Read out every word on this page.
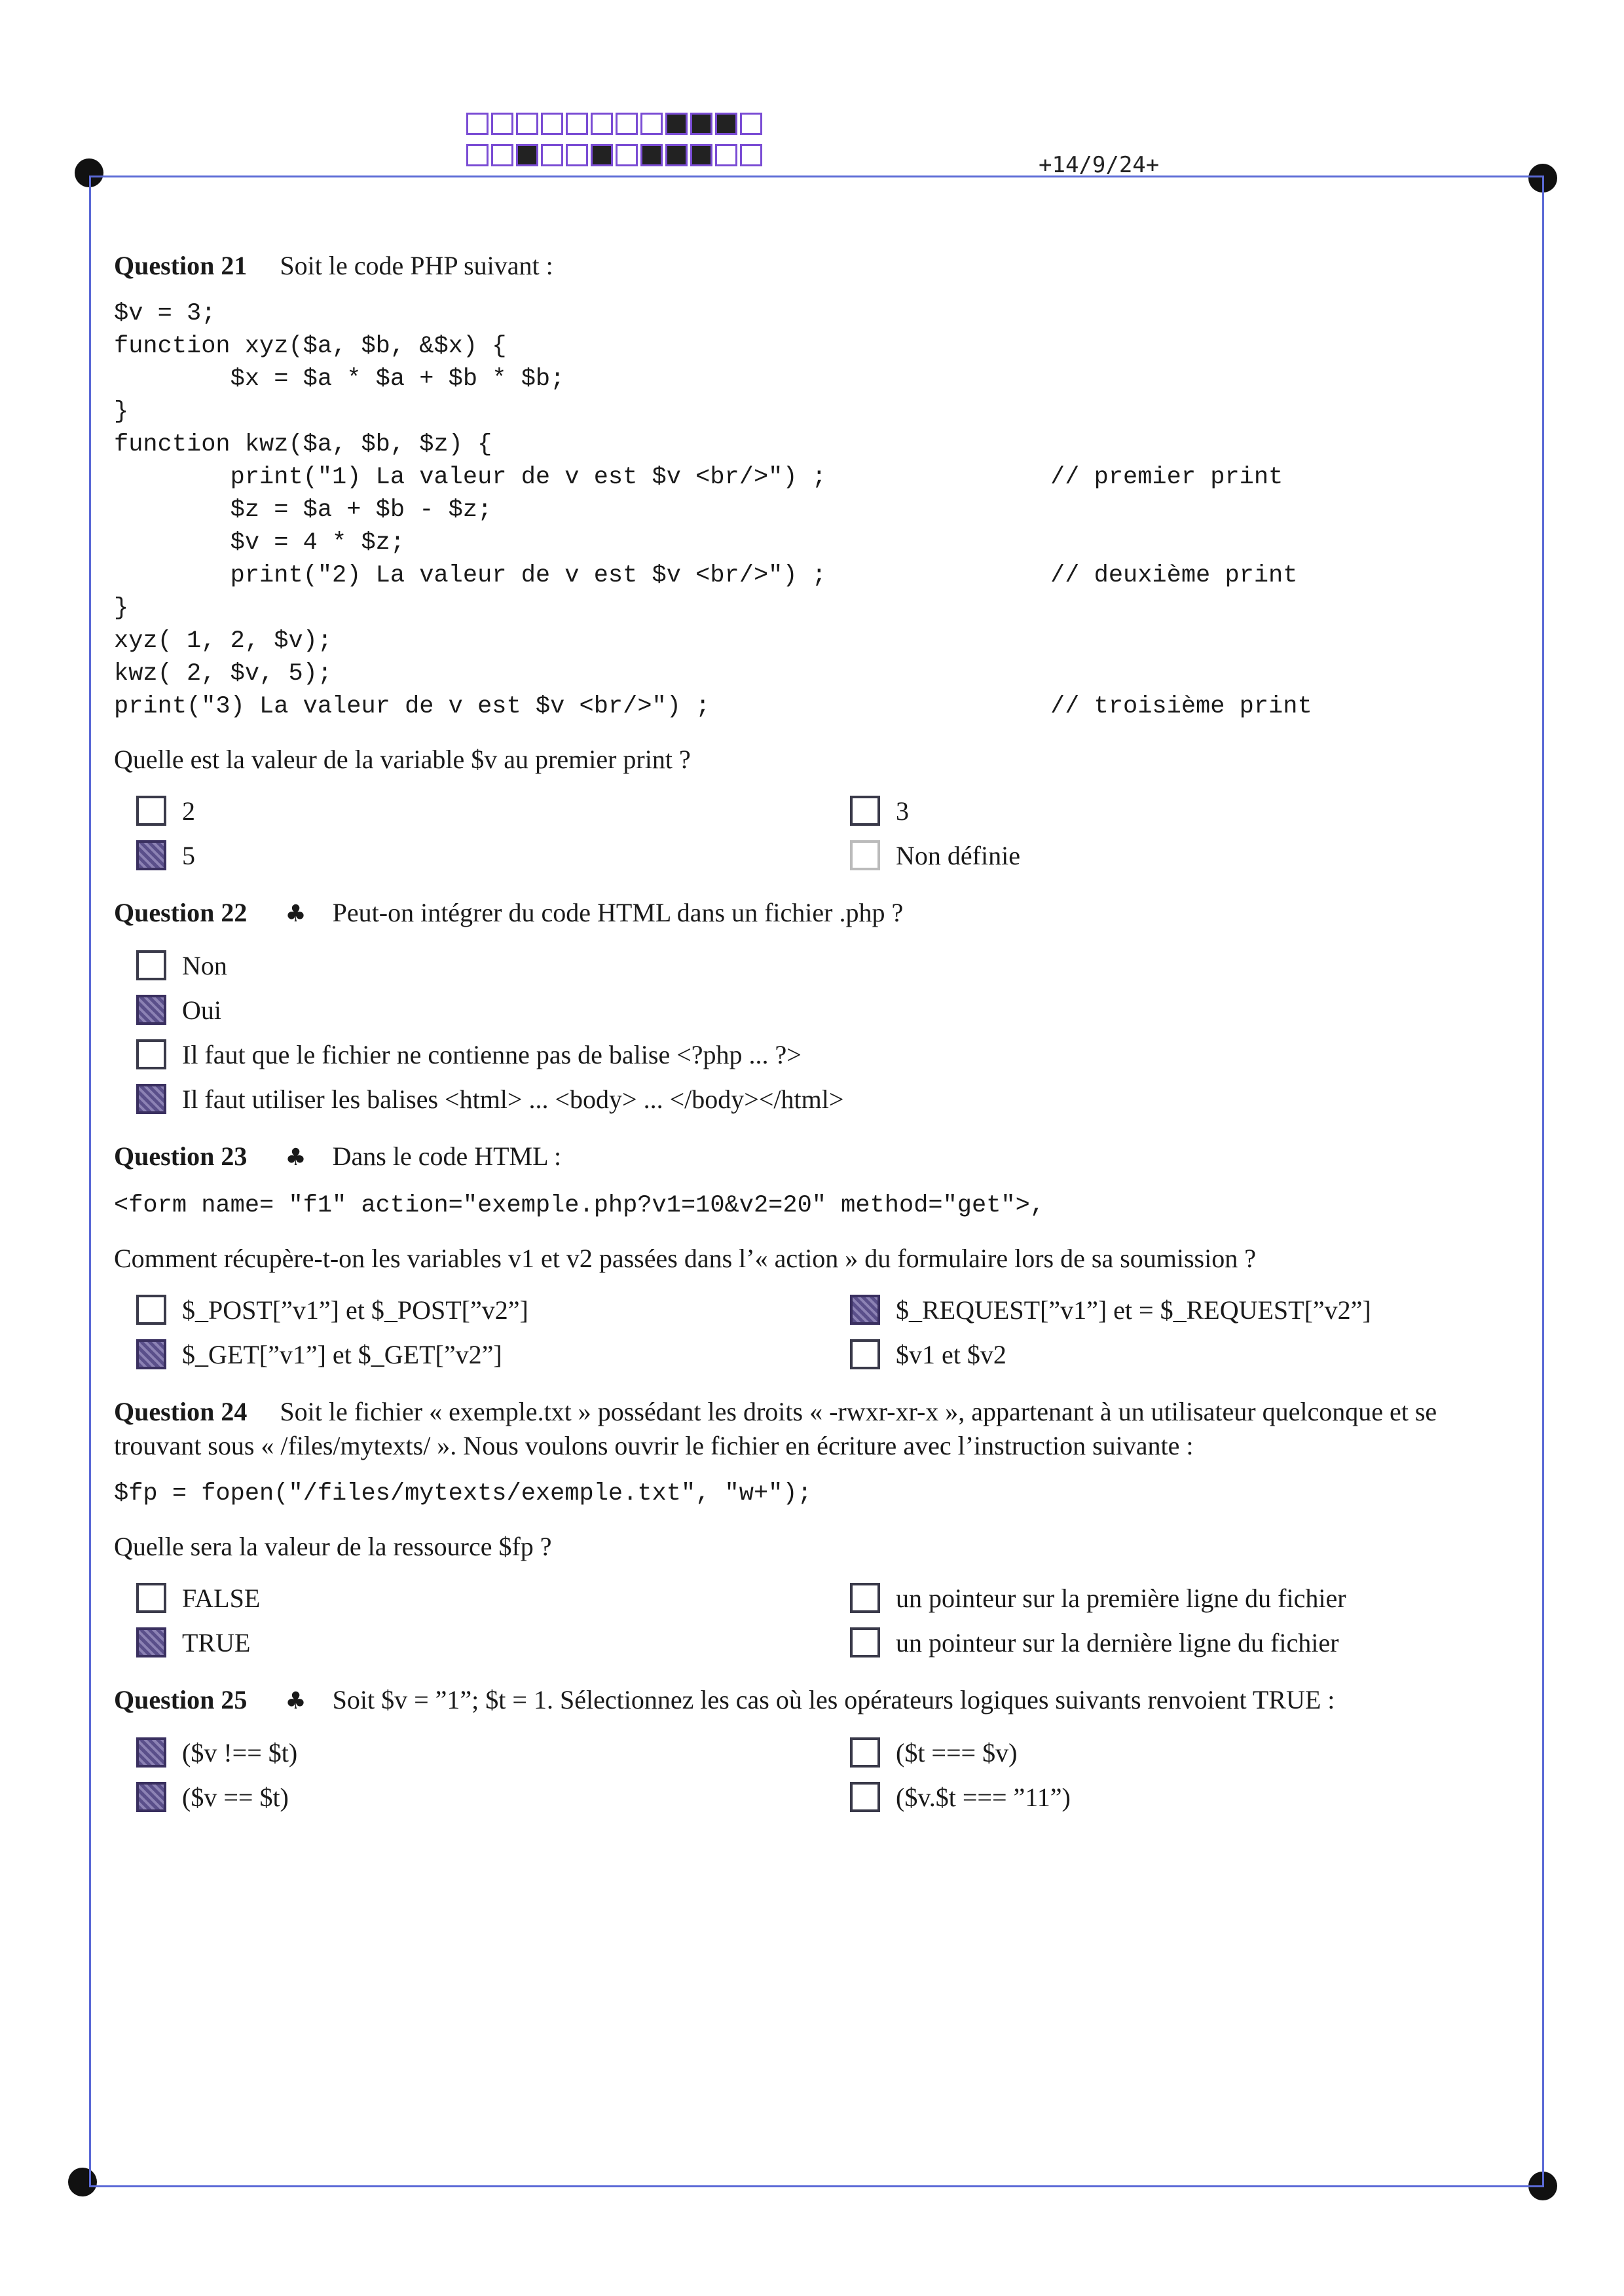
+14/9/24+
Question 21 Soit le code PHP suivant :
$v = 3;
function xyz($a, $b, &$x) {
$x = $a * $a + $b * $b;
}
function kwz($a, $b, $z) {
print("1) La valeur de v est $v <br/>") ;	// premier print
$z = $a + $b - $z;
$v = 4 * $z;
print("2) La valeur de v est $v <br/>") ;	// deuxième print
}
xyz( 1, 2, $v);
kwz( 2, $v, 5);
print("3) La valeur de v est $v <br/>") ;	// troisième print
Quelle est la valeur de la variable $v au premier print ?
2	3
5	Non définie
Question 22 ♣ Peut-on intégrer du code HTML dans un fichier .php ?
Non
Oui
Il faut que le fichier ne contienne pas de balise <?php ... ?>
Il faut utiliser les balises <html> ... <body> ... </body></html>
Question 23 ♣ Dans le code HTML :
<form name= "f1" action="exemple.php?v1=10&v2=20" method="get">,
Comment récupère-t-on les variables v1 et v2 passées dans l’« action » du formulaire lors de sa soumission ?
$_POST[”v1”] et $_POST[”v2”]	$_REQUEST[”v1”] et = $_REQUEST[”v2”]
$_GET[”v1”] et $_GET[”v2”]	$v1 et $v2
Question 24 Soit le fichier « exemple.txt » possédant les droits « -rwxr-xr-x », appartenant à un utilisateur quelconque et se trouvant sous « /files/mytexts/ ». Nous voulons ouvrir le fichier en écriture avec l’instruction suivante :
$fp = fopen("/files/mytexts/exemple.txt", "w+");
Quelle sera la valeur de la ressource $fp ?
FALSE	un pointeur sur la première ligne du fichier
TRUE	un pointeur sur la dernière ligne du fichier
Question 25 ♣ Soit $v = ”1”; $t = 1. Sélectionnez les cas où les opérateurs logiques suivants renvoient TRUE :
($v !== $t)	($t === $v)
($v == $t)	($v.$t === ”11”)
